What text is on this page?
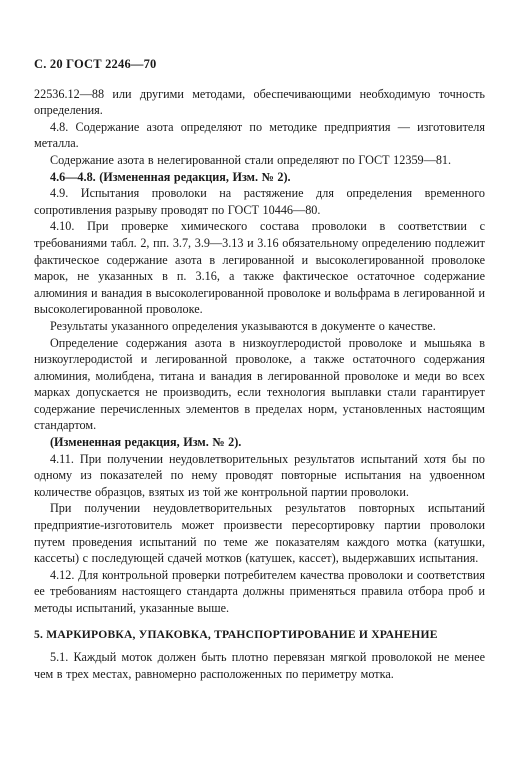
С. 20 ГОСТ 2246—70

22536.12—88 или другими методами, обеспечивающими необходимую точность определения.

4.8. Содержание азота определяют по методике предприятия — изготовителя металла.

Содержание азота в нелегированной стали определяют по ГОСТ 12359—81.

4.6—4.8. (Измененная редакция, Изм. № 2).

4.9. Испытания проволоки на растяжение для определения временного сопротивления разрыву проводят по ГОСТ 10446—80.

4.10. При проверке химического состава проволоки в соответствии с требованиями табл. 2, пп. 3.7, 3.9—3.13 и 3.16 обязательному определению подлежит фактическое содержание азота в легированной и высоколегированной проволоке марок, не указанных в п. 3.16, а также фактическое остаточное содержание алюминия и ванадия в высоколегированной проволоке и вольфрама в легированной и высоколегированной проволоке.

Результаты указанного определения указываются в документе о качестве.

Определение содержания азота в низкоуглеродистой проволоке и мышьяка в низкоуглеродистой и легированной проволоке, а также остаточного содержания алюминия, молибдена, титана и ванадия в легированной проволоке и меди во всех марках допускается не производить, если технология выплавки стали гарантирует содержание перечисленных элементов в пределах норм, установленных настоящим стандартом.

(Измененная редакция, Изм. № 2).

4.11. При получении неудовлетворительных результатов испытаний хотя бы по одному из показателей по нему проводят повторные испытания на удвоенном количестве образцов, взятых из той же контрольной партии проволоки.

При получении неудовлетворительных результатов повторных испытаний предприятие-изготовитель может произвести пересортировку партии проволоки путем проведения испытаний по теме же показателям каждого мотка (катушки, кассеты) с последующей сдачей мотков (катушек, кассет), выдержавших испытания.

4.12. Для контрольной проверки потребителем качества проволоки и соответствия ее требованиям настоящего стандарта должны применяться правила отбора проб и методы испытаний, указанные выше.

5. МАРКИРОВКА, УПАКОВКА, ТРАНСПОРТИРОВАНИЕ И ХРАНЕНИЕ

5.1. Каждый моток должен быть плотно перевязан мягкой проволокой не менее чем в трех местах, равномерно расположенных по периметру мотка.
